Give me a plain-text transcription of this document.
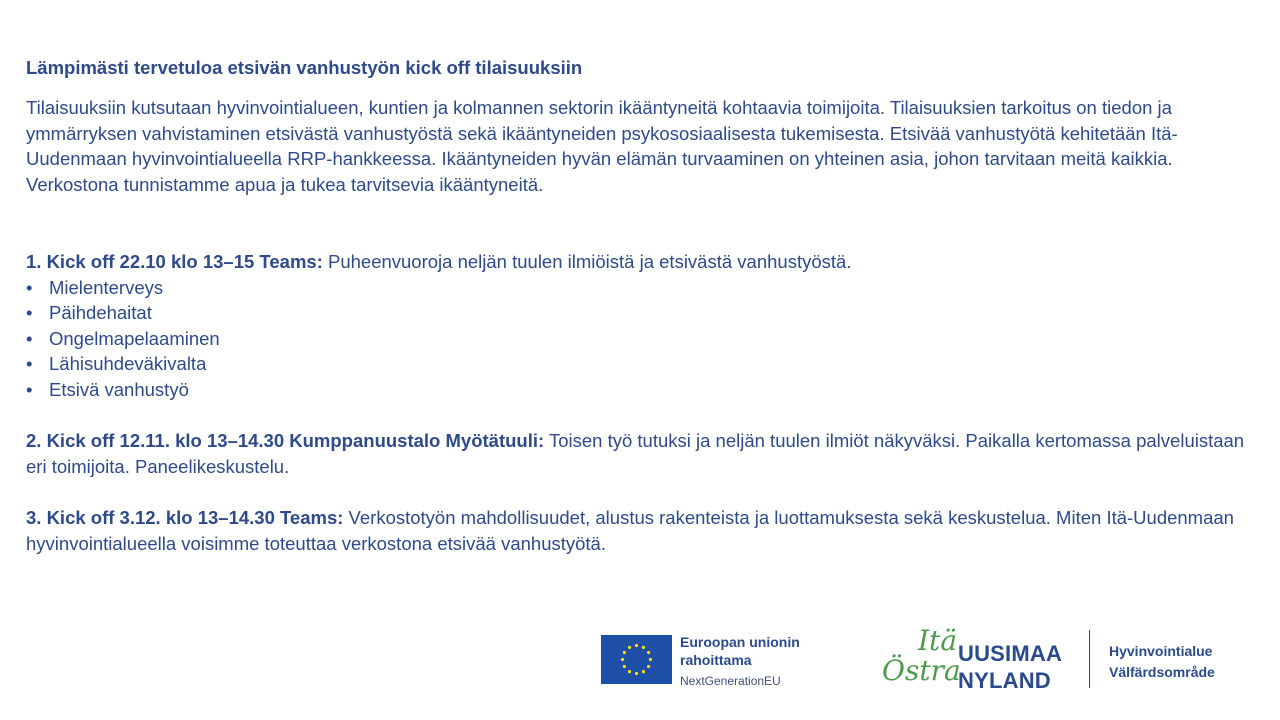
Lämpimästi tervetuloa etsivän vanhustyön kick off tilaisuuksiin

Tilaisuuksiin kutsutaan hyvinvointialueen, kuntien ja kolmannen sektorin ikääntyneitä kohtaavia toimijoita. Tilaisuuksien tarkoitus on tiedon ja ymmärryksen vahvistaminen etsivästä vanhustyöstä sekä ikääntyneiden psykososiaalisesta tukemisesta. Etsivää vanhustyötä kehitetään Itä-Uudenmaan hyvinvointialueella RRP-hankkeessa. Ikääntyneiden hyvän elämän turvaaminen on yhteinen asia, johon tarvitaan meitä kaikkia. Verkostona tunnistamme apua ja tukea tarvitsevia ikääntyneitä.

1. Kick off 22.10 klo 13–15 Teams: Puheenvuoroja neljän tuulen ilmiöistä ja etsivästä vanhustyöstä.

• Mielenterveys
• Päihdehaitat
• Ongelmapelaaminen
• Lähisuhdeväkivalta
• Etsivä vanhustyö

2. Kick off 12.11. klo 13–14.30 Kumppanuustalo Myötätuuli: Toisen työ tutuksi ja neljän tuulen ilmiöt näkyväksi. Paikalla kertomassa palveluistaan eri toimijoita. Paneelikeskustelu.

3. Kick off 3.12. klo 13–14.30 Teams: Verkostotyön mahdollisuudet, alustus rakenteista ja luottamuksesta sekä keskustelua. Miten Itä-Uudenmaan hyvinvointialueella voisimme toteuttaa verkostona etsivää vanhustyötä.

Euroopan unionin
rahoittama
NextGenerationEU
Itä
Östra
UUSIMAA
NYLAND
Hyvinvointialue
Välfärdsområde
